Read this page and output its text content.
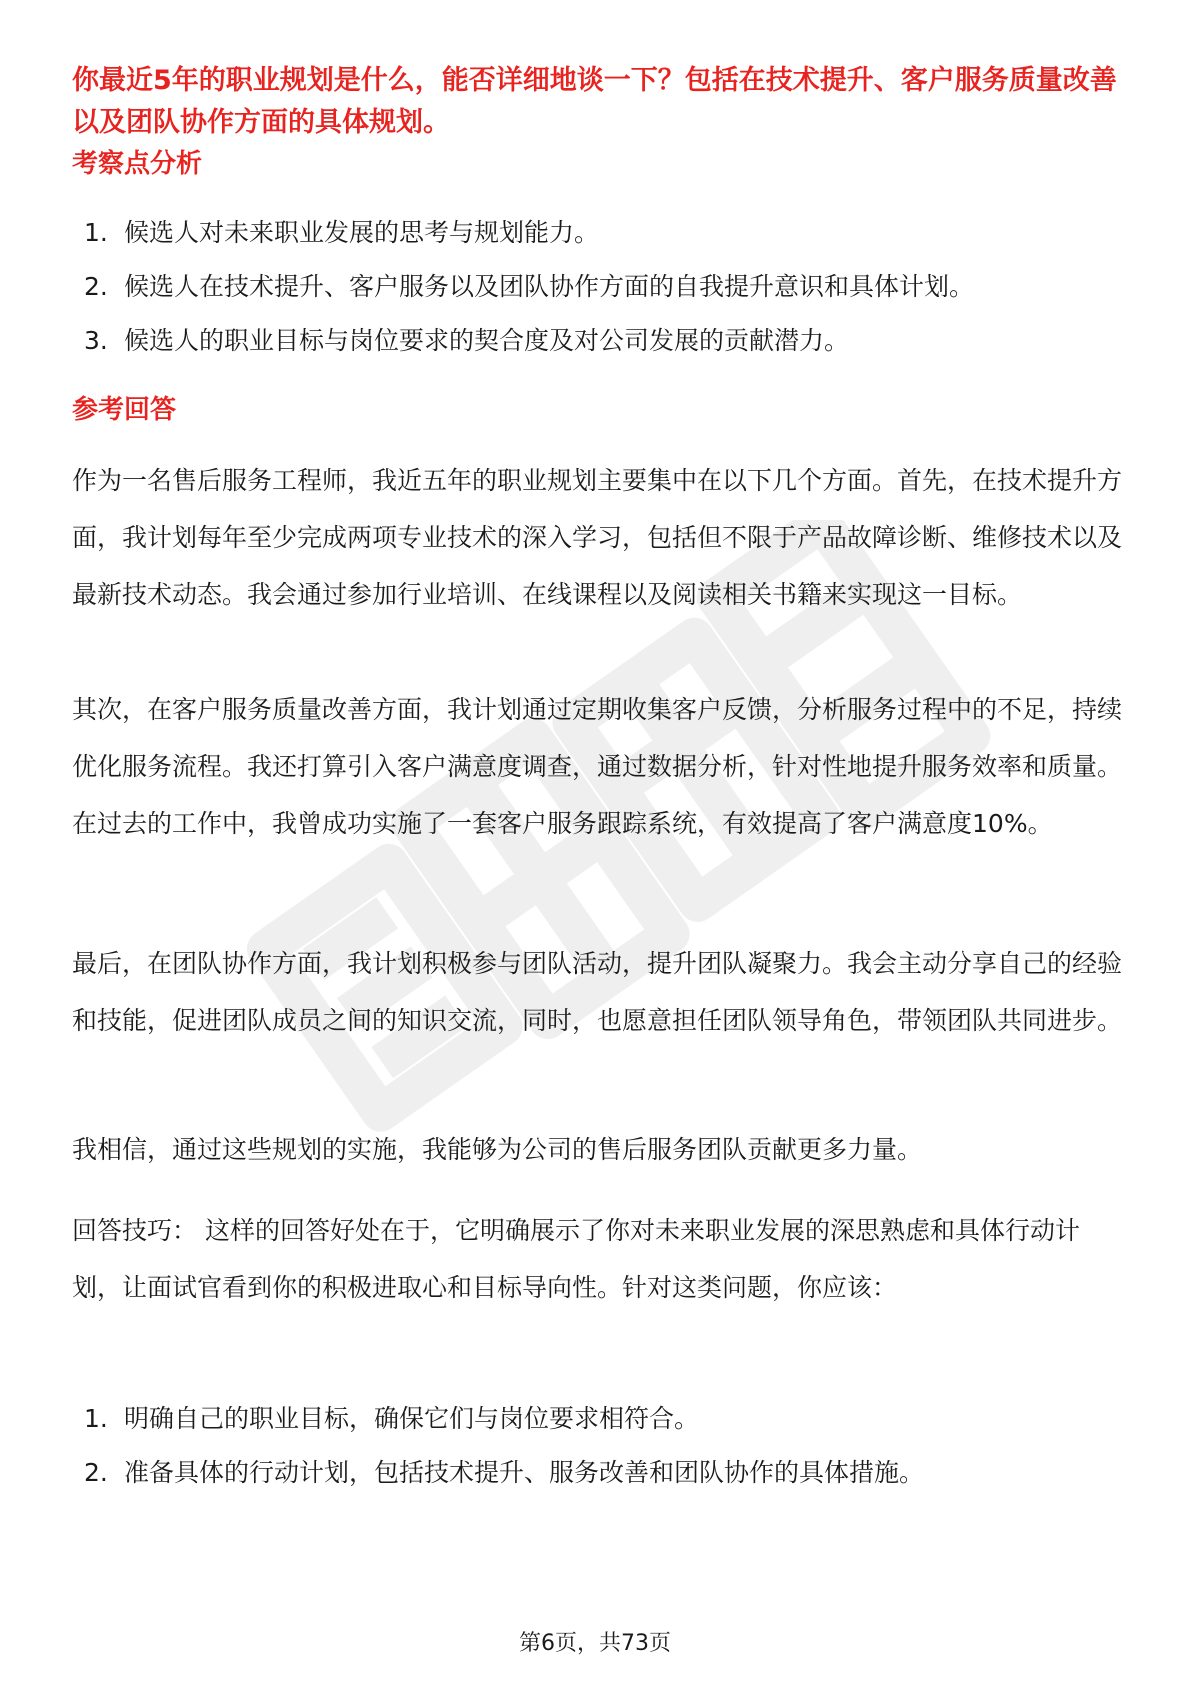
你最近5年的职业规划是什么，能否详细地谈一下？包括在技术提升、客户服务质量改善以及团队协作方面的具体规划。
考察点分析
1. 候选人对未来职业发展的思考与规划能力。
2. 候选人在技术提升、客户服务以及团队协作方面的自我提升意识和具体计划。
3. 候选人的职业目标与岗位要求的契合度及对公司发展的贡献潜力。
参考回答

作为一名售后服务工程师，我近五年的职业规划主要集中在以下几个方面。首先，在技术提升方面，我计划每年至少完成两项专业技术的深入学习，包括但不限于产品故障诊断、维修技术以及最新技术动态。我会通过参加行业培训、在线课程以及阅读相关书籍来实现这一目标。

其次，在客户服务质量改善方面，我计划通过定期收集客户反馈，分析服务过程中的不足，持续优化服务流程。我还打算引入客户满意度调查，通过数据分析，针对性地提升服务效率和质量。在过去的工作中，我曾成功实施了一套客户服务跟踪系统，有效提高了客户满意度10%。

最后，在团队协作方面，我计划积极参与团队活动，提升团队凝聚力。我会主动分享自己的经验和技能，促进团队成员之间的知识交流，同时，也愿意担任团队领导角色，带领团队共同进步。

我相信，通过这些规划的实施，我能够为公司的售后服务团队贡献更多力量。

回答技巧： 这样的回答好处在于，它明确展示了你对未来职业发展的深思熟虑和具体行动计划，让面试官看到你的积极进取心和目标导向性。针对这类问题，你应该：

1. 明确自己的职业目标，确保它们与岗位要求相符合。
2. 准备具体的行动计划，包括技术提升、服务改善和团队协作的具体措施。
第6页，共73页
